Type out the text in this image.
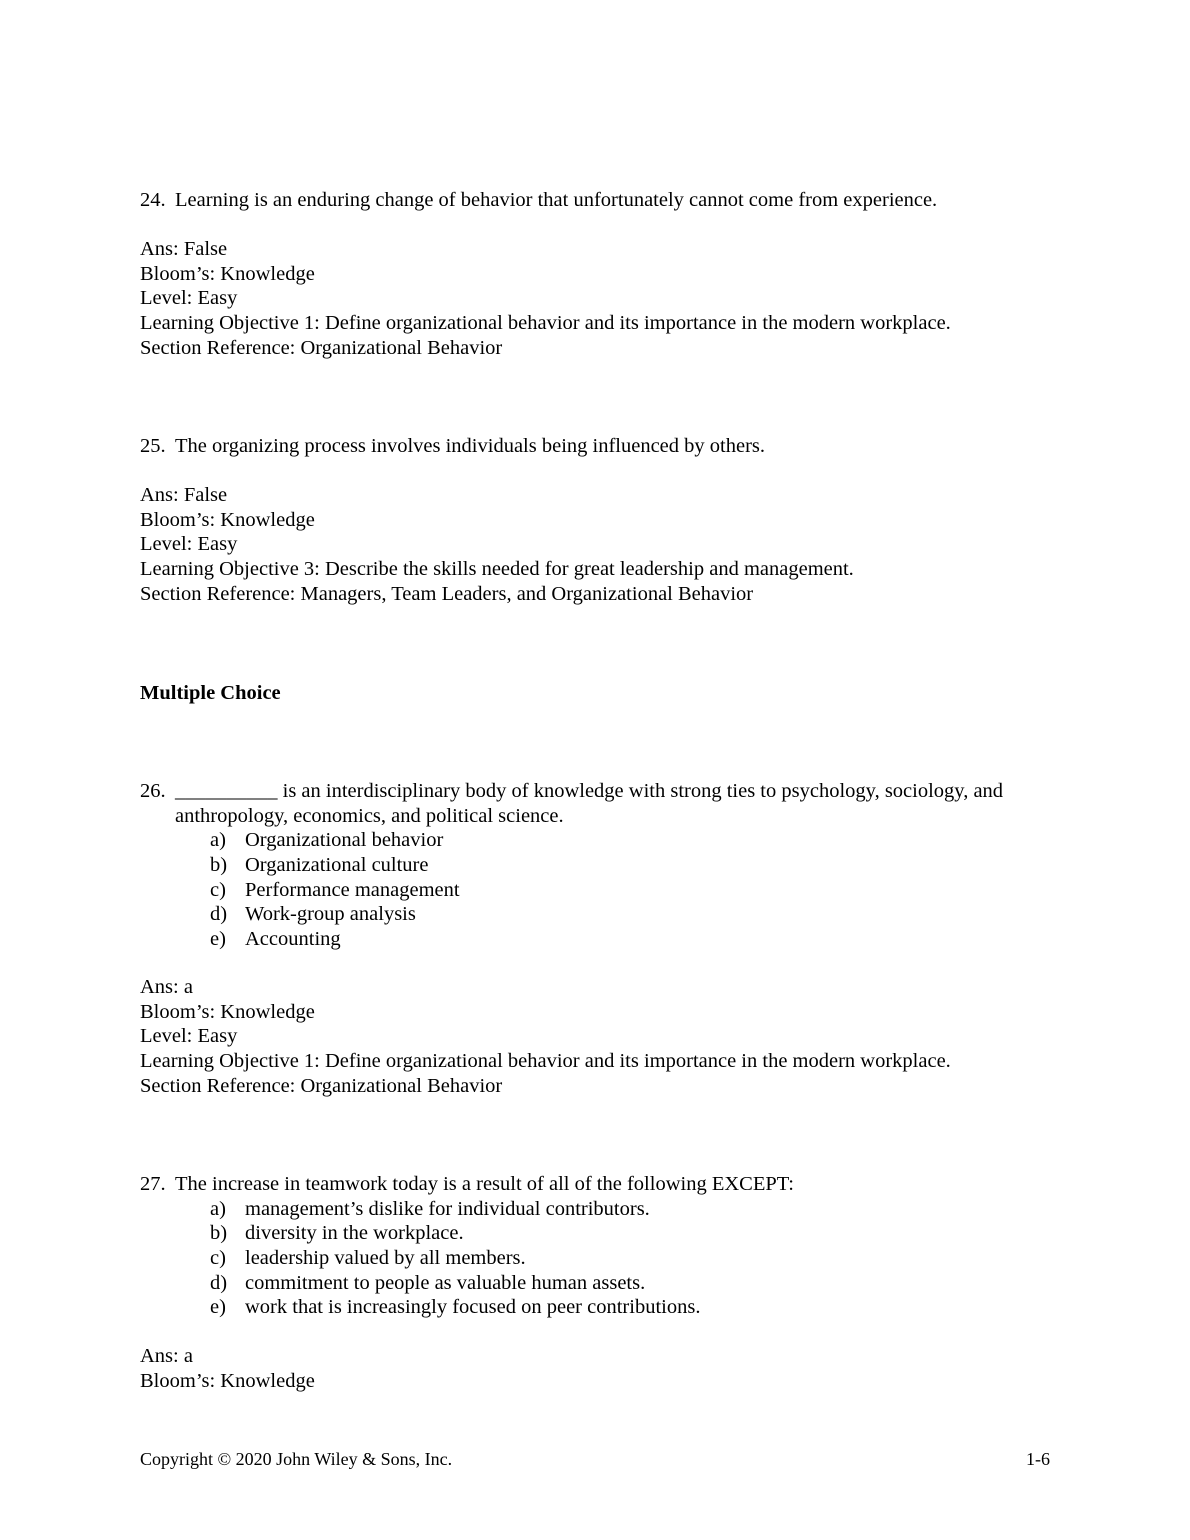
24. Learning is an enduring change of behavior that unfortunately cannot come from experience.
Ans: False
Bloom’s: Knowledge
Level: Easy
Learning Objective 1: Define organizational behavior and its importance in the modern workplace.
Section Reference: Organizational Behavior
25. The organizing process involves individuals being influenced by others.
Ans: False
Bloom’s: Knowledge
Level: Easy
Learning Objective 3: Describe the skills needed for great leadership and management.
Section Reference: Managers, Team Leaders, and Organizational Behavior
Multiple Choice
26. __________ is an interdisciplinary body of knowledge with strong ties to psychology, sociology, and anthropology, economics, and political science.
a) Organizational behavior
b) Organizational culture
c) Performance management
d) Work-group analysis
e) Accounting
Ans: a
Bloom’s: Knowledge
Level: Easy
Learning Objective 1: Define organizational behavior and its importance in the modern workplace.
Section Reference: Organizational Behavior
27. The increase in teamwork today is a result of all of the following EXCEPT:
a) management’s dislike for individual contributors.
b) diversity in the workplace.
c) leadership valued by all members.
d) commitment to people as valuable human assets.
e) work that is increasingly focused on peer contributions.
Ans: a
Bloom’s: Knowledge
Copyright © 2020 John Wiley & Sons, Inc.	1-6
